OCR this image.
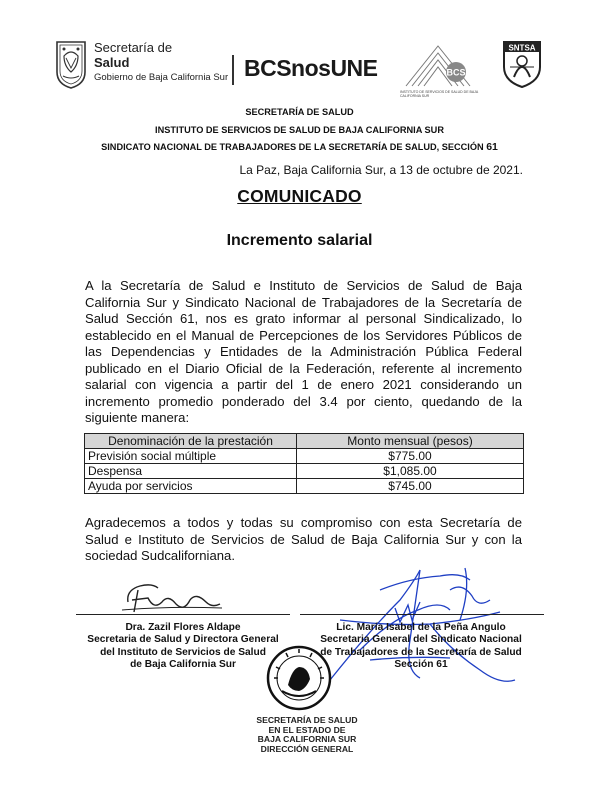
Secretaría de
Salud
Gobierno de Baja California Sur BCSnosUNE	BCS
INSTITUTO DE SERVICIOS DE SALUD DE BAJA CALIFORNIA SUR
SNTSA
SECRETARÍA DE SALUD
INSTITUTO DE SERVICIOS DE SALUD DE BAJA CALIFORNIA SUR
SINDICATO NACIONAL DE TRABAJADORES DE LA SECRETARÍA DE SALUD, SECCIÓN 61
La Paz, Baja California Sur, a 13 de octubre de 2021.
COMUNICADO
Incremento salarial
A la Secretaría de Salud e Instituto de Servicios de Salud de Baja California Sur y Sindicato Nacional de Trabajadores de la Secretaría de Salud Sección 61, nos es grato informar al personal Sindicalizado, lo establecido en el Manual de Percepciones de los Servidores Públicos de las Dependencias y Entidades de la Administración Pública Federal publicado en el Diario Oficial de la Federación, referente al incremento salarial con vigencia a partir del 1 de enero 2021 considerando un incremento promedio ponderado del 3.4 por ciento, quedando de la siguiente manera:
Denominación de la prestación	Monto mensual (pesos)
Previsión social múltiple	$775.00
Despensa	$1,085.00
Ayuda por servicios	$745.00
Agradecemos a todos y todas su compromiso con esta Secretaría de Salud e Instituto de Servicios de Salud de Baja California Sur y con la sociedad Sudcaliforniana.
Dra. Zazil Flores Aldape
Secretaria de Salud y Directora General
del Instituto de Servicios de Salud
de Baja California Sur
Lic. María Isabel de la Peña Angulo
Secretaria General del Sindicato Nacional
de Trabajadores de la Secretaría de Salud
Sección 61
SECRETARÍA DE SALUD
EN EL ESTADO DE
BAJA CALIFORNIA SUR
DIRECCIÓN GENERAL
